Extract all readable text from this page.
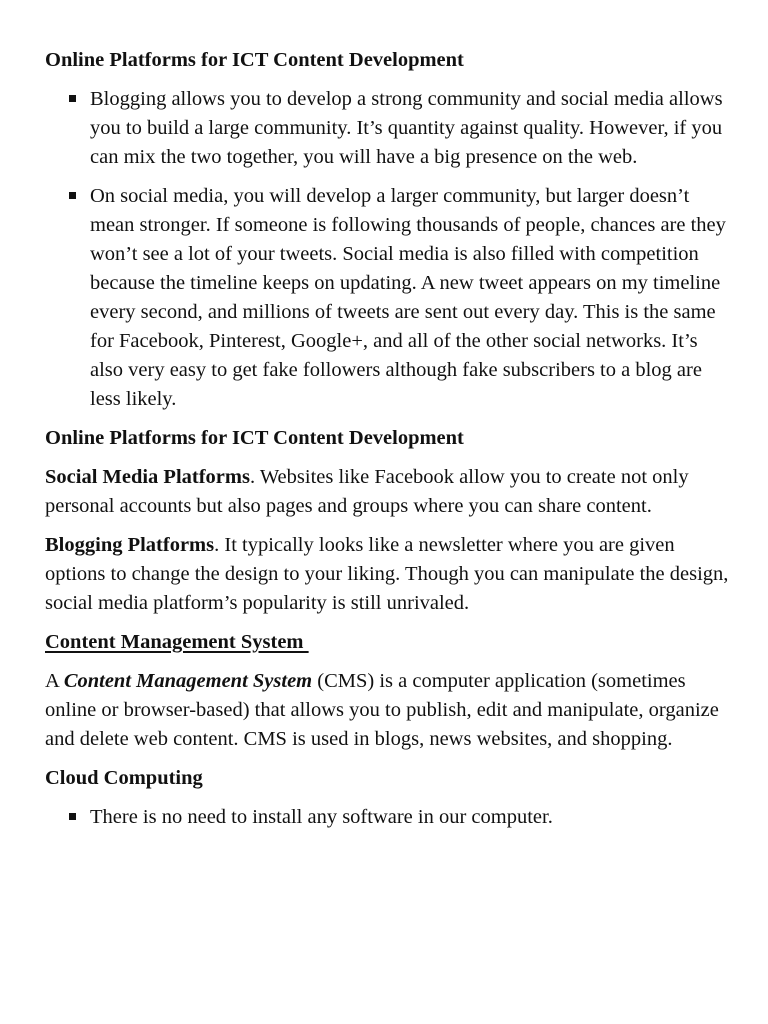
Online Platforms for ICT Content Development
Blogging allows you to develop a strong community and social media allows you to build a large community. It’s quantity against quality. However, if you can mix the two together, you will have a big presence on the web.
On social media, you will develop a larger community, but larger doesn’t mean stronger. If someone is following thousands of people, chances are they won’t see a lot of your tweets. Social media is also filled with competition because the timeline keeps on updating. A new tweet appears on my timeline every second, and millions of tweets are sent out every day. This is the same for Facebook, Pinterest, Google+, and all of the other social networks. It’s also very easy to get fake followers although fake subscribers to a blog are less likely.
Online Platforms for ICT Content Development

Social Media Platforms. Websites like Facebook allow you to create not only personal accounts but also pages and groups where you can share content.

Blogging Platforms. It typically looks like a newsletter where you are given options to change the design to your liking. Though you can manipulate the design, social media platform’s popularity is still unrivaled.

Content Management System

A Content Management System (CMS) is a computer application (sometimes online or browser-based) that allows you to publish, edit and manipulate, organize and delete web content. CMS is used in blogs, news websites, and shopping.

Cloud Computing
There is no need to install any software in our computer.
